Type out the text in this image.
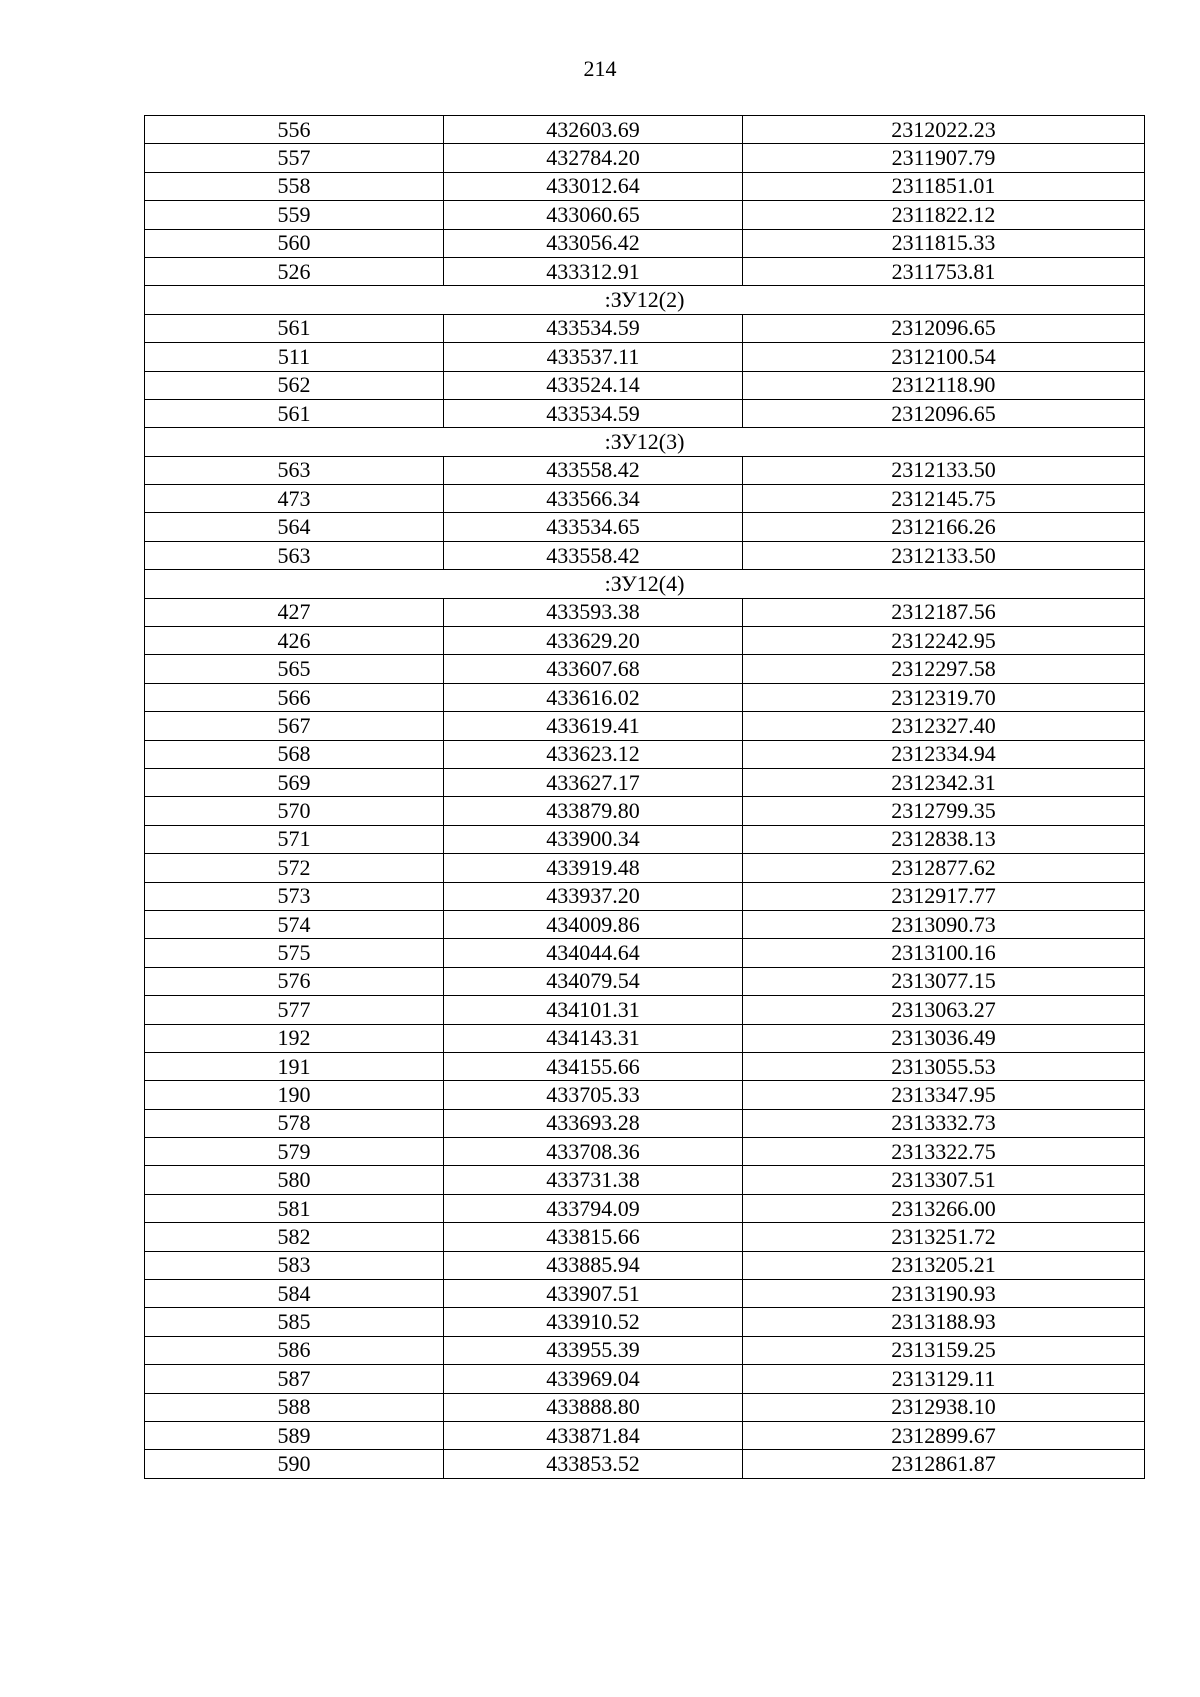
214
556	432603.69	2312022.23
557	432784.20	2311907.79
558	433012.64	2311851.01
559	433060.65	2311822.12
560	433056.42	2311815.33
526	433312.91	2311753.81
:ЗУ12(2)		
561	433534.59	2312096.65
511	433537.11	2312100.54
562	433524.14	2312118.90
561	433534.59	2312096.65
:ЗУ12(3)		
563	433558.42	2312133.50
473	433566.34	2312145.75
564	433534.65	2312166.26
563	433558.42	2312133.50
:ЗУ12(4)		
427	433593.38	2312187.56
426	433629.20	2312242.95
565	433607.68	2312297.58
566	433616.02	2312319.70
567	433619.41	2312327.40
568	433623.12	2312334.94
569	433627.17	2312342.31
570	433879.80	2312799.35
571	433900.34	2312838.13
572	433919.48	2312877.62
573	433937.20	2312917.77
574	434009.86	2313090.73
575	434044.64	2313100.16
576	434079.54	2313077.15
577	434101.31	2313063.27
192	434143.31	2313036.49
191	434155.66	2313055.53
190	433705.33	2313347.95
578	433693.28	2313332.73
579	433708.36	2313322.75
580	433731.38	2313307.51
581	433794.09	2313266.00
582	433815.66	2313251.72
583	433885.94	2313205.21
584	433907.51	2313190.93
585	433910.52	2313188.93
586	433955.39	2313159.25
587	433969.04	2313129.11
588	433888.80	2312938.10
589	433871.84	2312899.67
590	433853.52	2312861.87
